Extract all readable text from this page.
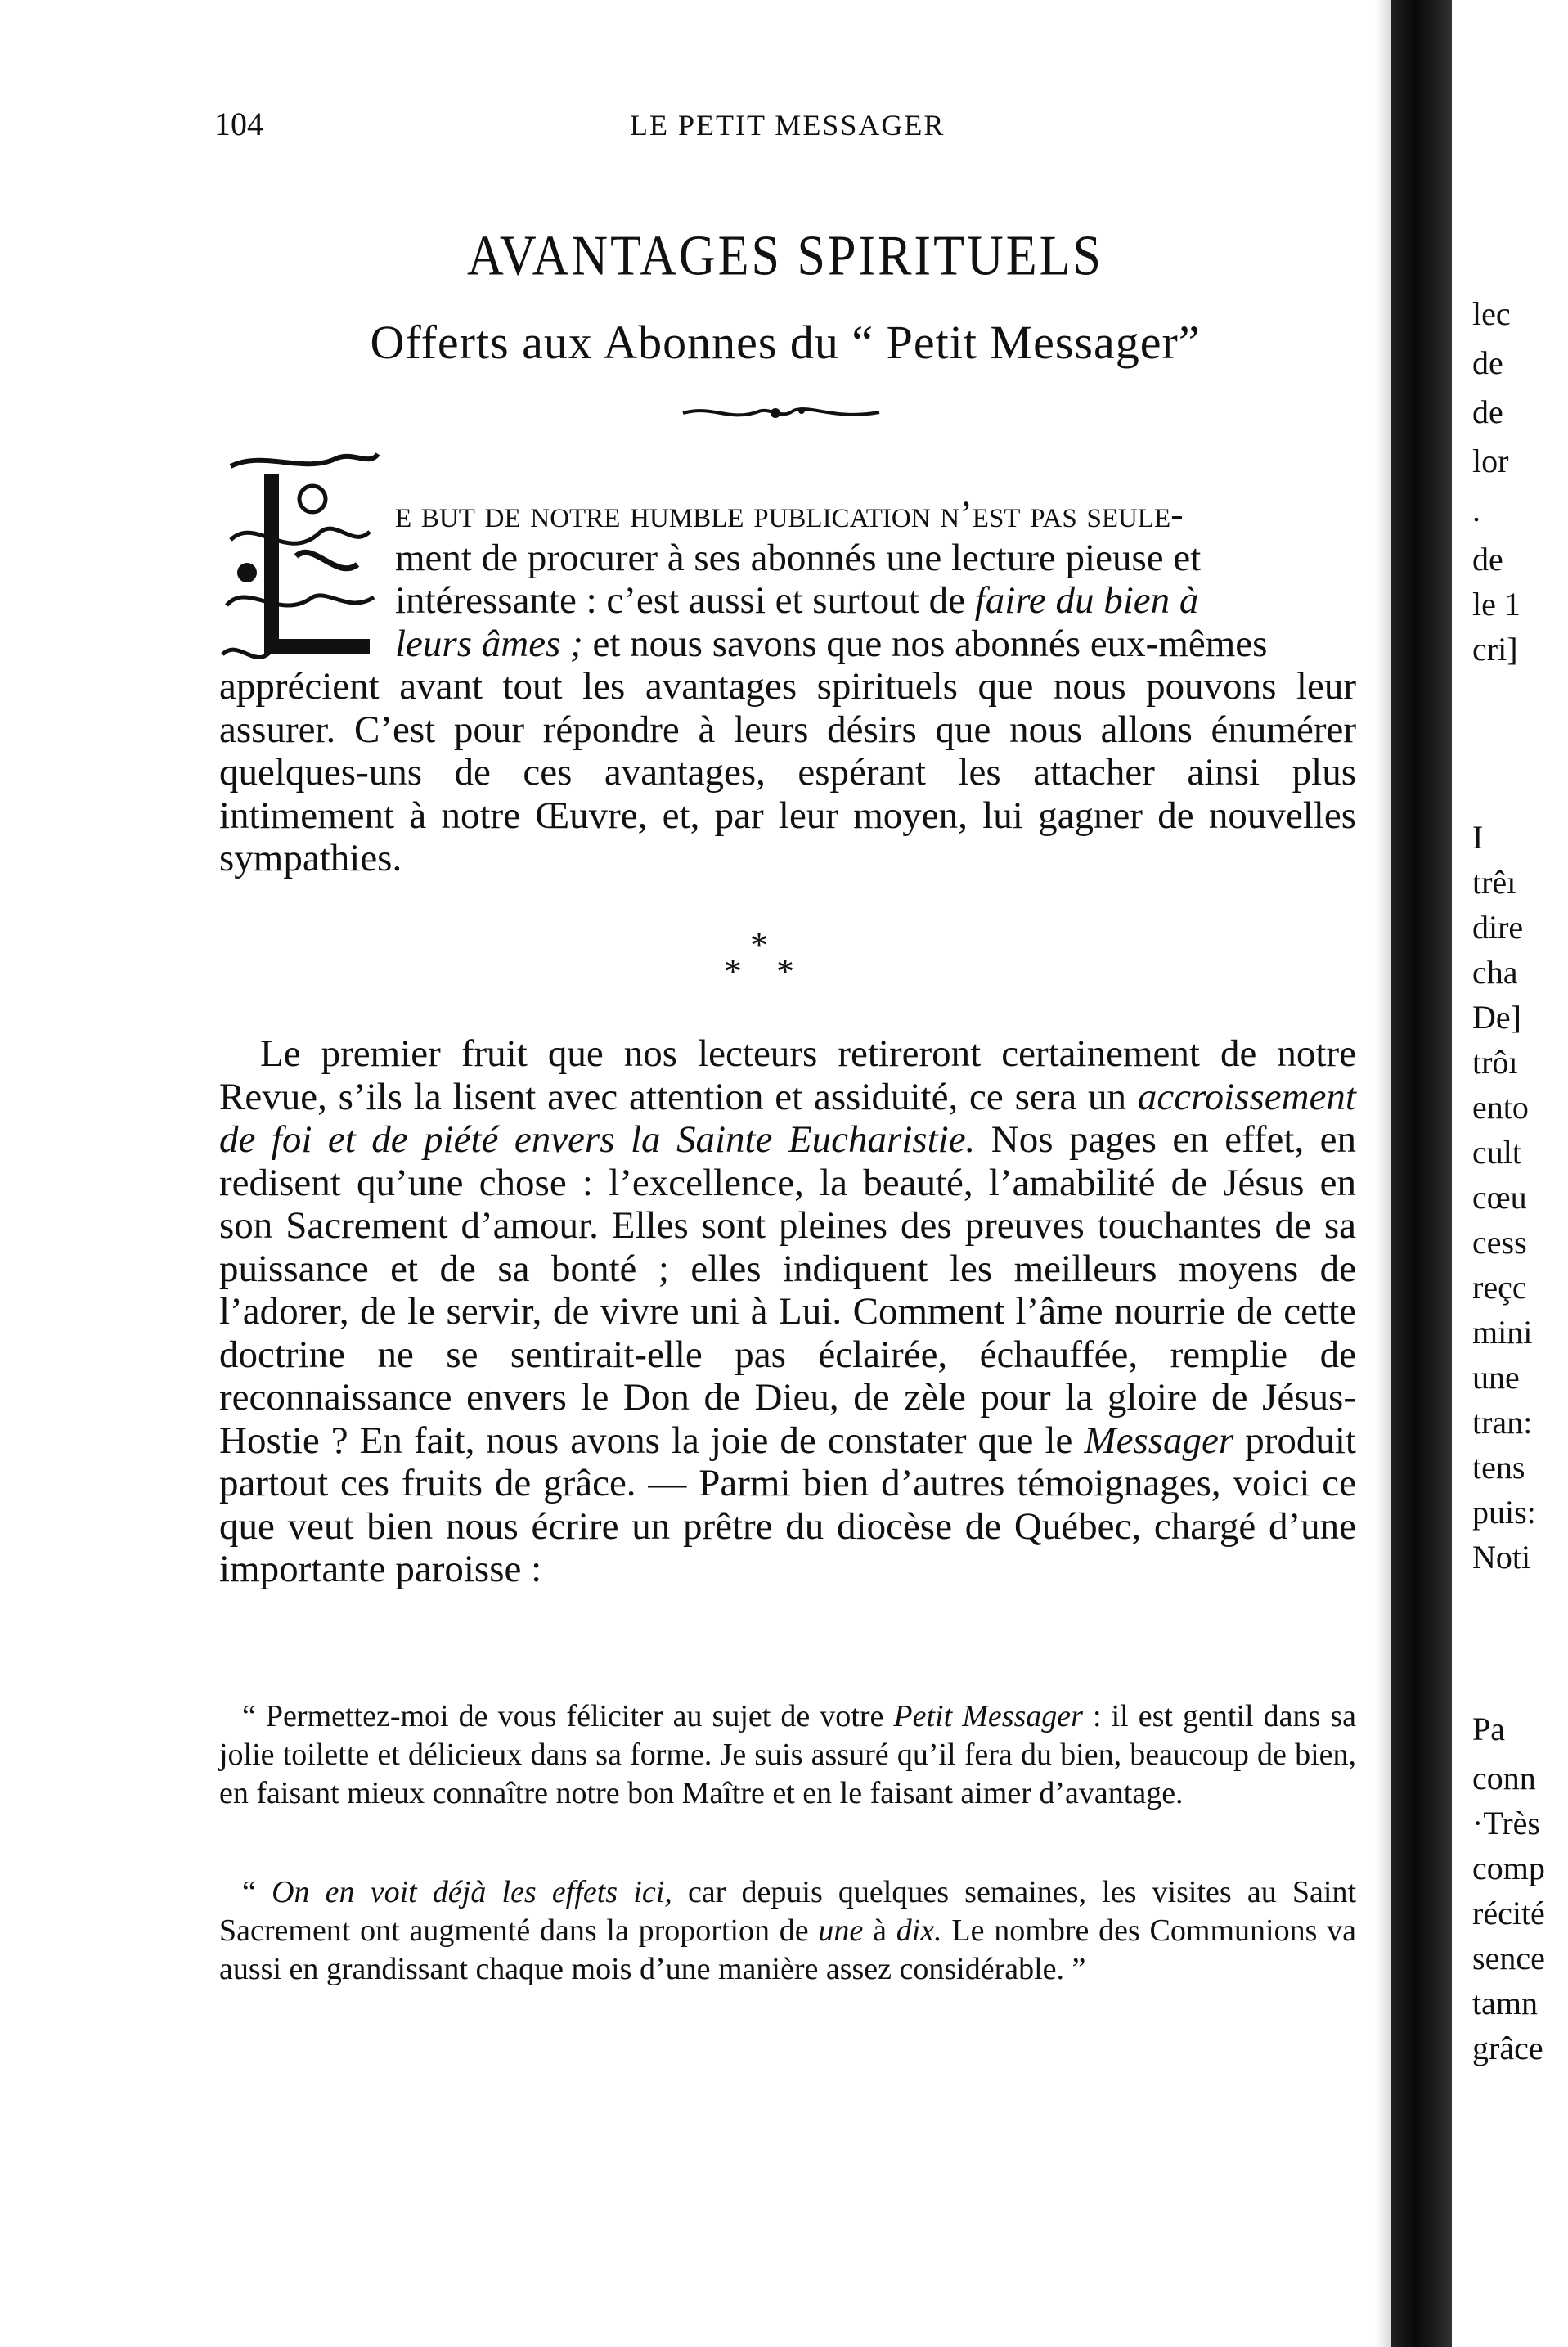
104	LE PETIT MESSAGER
AVANTAGES SPIRITUELS
Offerts aux Abonnes du “ Petit Messager”
e but de notre humble publication n’est pas seule-
ment de procurer à ses abonnés une lecture pieuse et
intéressante : c’est aussi et surtout de faire du bien à
leurs âmes ; et nous savons que nos abonnés eux-mêmes
apprécient avant tout les avantages spirituels que nous pouvons leur assurer. C’est pour répondre à leurs désirs que nous allons énumérer quelques-uns de ces avantages, espérant les attacher ainsi plus intimement à notre Œuvre, et, par leur moyen, lui gagner de nouvelles sympathies.
*
* *
Le premier fruit que nos lecteurs retireront certainement de notre Revue, s’ils la lisent avec attention et assiduité, ce sera un accroissement de foi et de piété envers la Sainte Eucharistie. Nos pages en effet, en redisent qu’une chose : l’excellence, la beauté, l’amabilité de Jésus en son Sacrement d’amour. Elles sont pleines des preuves touchantes de sa puissance et de sa bonté ; elles indiquent les meilleurs moyens de l’adorer, de le servir, de vivre uni à Lui. Comment l’âme nourrie de cette doctrine ne se sentirait-elle pas éclairée, échauffée, remplie de reconnaissance envers le Don de Dieu, de zèle pour la gloire de Jésus-Hostie ? En fait, nous avons la joie de constater que le Messager produit partout ces fruits de grâce. — Parmi bien d’autres témoignages, voici ce que veut bien nous écrire un prêtre du diocèse de Québec, chargé d’une importante paroisse :
“ Permettez-moi de vous féliciter au sujet de votre Petit Messager : il est gentil dans sa jolie toilette et délicieux dans sa forme. Je suis assuré qu’il fera du bien, beaucoup de bien, en faisant mieux connaître notre bon Maître et en le faisant aimer d’avantage.
“ On en voit déjà les effets ici, car depuis quelques semaines, les visites au Saint Sacrement ont augmenté dans la proportion de une à dix. Le nombre des Communions va aussi en grandissant chaque mois d’une manière assez considérable. ”
lec
de
de
lor
.
de
le 1
cri]
I
trêı
dire
cha
De]
trôı
ento
cult
cœu
cess
reçc
mini
une
tran:
tens
puis:
Noti
Pa
conn
·Très
comp
récité
sence
tamn
grâce
